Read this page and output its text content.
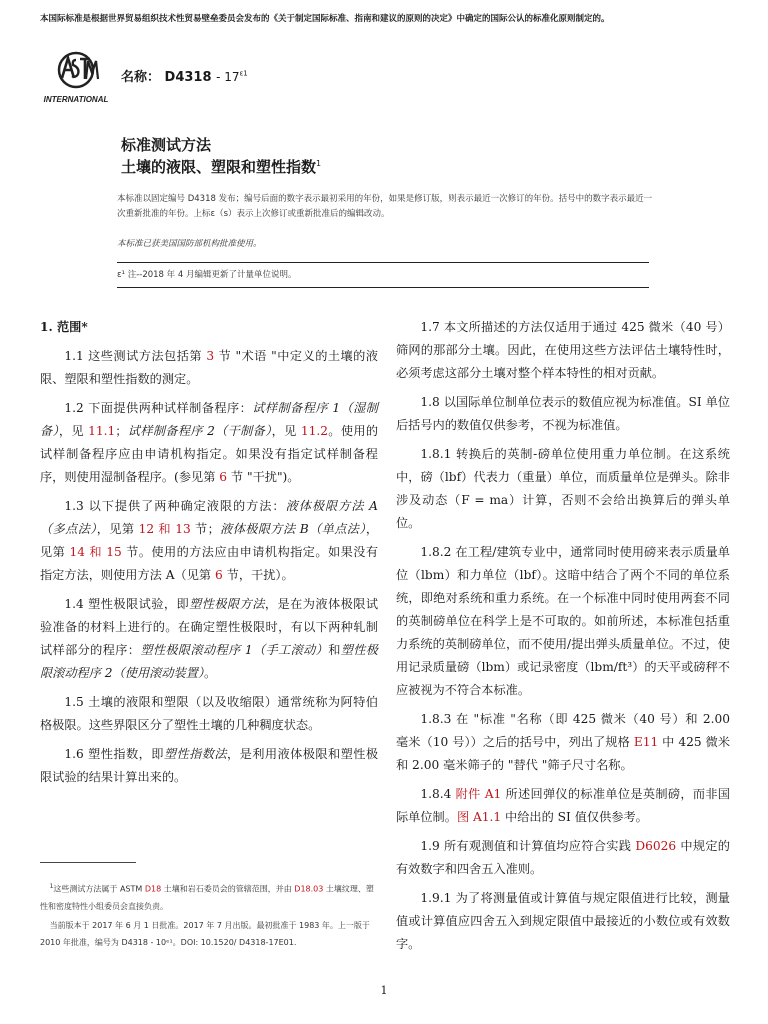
本国际标准是根据世界贸易组织技术性贸易壁垒委员会发布的《关于制定国际标准、指南和建议的原则的决定》中确定的国际公认的标准化原则制定的。
INTERNATIONAL
名称： $D4318 - 17^{\varepsilon 1}$
标准测试方法
土壤的液限、塑限和塑性指数$^1$
本标准以固定编号 D4318 发布；编号后面的数字表示最初采用的年份，如果是修订版，则表示最近一次修订的年份。括号中的数字表示最近一次重新批准的年份。上标ε（s）表示上次修订或重新批准后的编辑改动。
本标准已获美国国防部机构批准使用。
ε¹ 注--2018 年 4 月编辑更新了计量单位说明。

1. 范围*

1.1 这些测试方法包括第 3 节 "术语 "中定义的土壤的液限、塑限和塑性指数的测定。

1.2 下面提供两种试样制备程序：试样制备程序 1（湿制备），见 11.1；试样制备程序 2（干制备），见 11.2。使用的试样制备程序应由申请机构指定。如果没有指定试样制备程序，则使用湿制备程序。(参见第 6 节 "干扰")。

1.3 以下提供了两种确定液限的方法：液体极限方法 A（多点法），见第 12 和 13 节；液体极限方法 B（单点法），见第 14 和 15 节。使用的方法应由申请机构指定。如果没有指定方法，则使用方法 A（见第 6 节，干扰）。

1.4 塑性极限试验，即塑性极限方法，是在为液体极限试验准备的材料上进行的。在确定塑性极限时，有以下两种轧制试样部分的程序：塑性极限滚动程序 1（手工滚动）和塑性极限滚动程序 2（使用滚动装置）。

1.5 土壤的液限和塑限（以及收缩限）通常统称为阿特伯格极限。这些界限区分了塑性土壤的几种稠度状态。

1.6 塑性指数，即塑性指数法，是利用液体极限和塑性极限试验的结果计算出来的。

1.7 本文所描述的方法仅适用于通过 425 微米（40 号）筛网的那部分土壤。因此，在使用这些方法评估土壤特性时，必须考虑这部分土壤对整个样本特性的相对贡献。

1.8 以国际单位制单位表示的数值应视为标准值。SI 单位后括号内的数值仅供参考，不视为标准值。

1.8.1 转换后的英制-磅单位使用重力单位制。在这系统中，磅（lbf）代表力（重量）单位，而质量单位是弹头。除非涉及动态（F = ma）计算，否则不会给出换算后的弹头单位。

1.8.2 在工程/建筑专业中，通常同时使用磅来表示质量单位（lbm）和力单位（lbf）。这暗中结合了两个不同的单位系统，即绝对系统和重力系统。在一个标准中同时使用两套不同的英制磅单位在科学上是不可取的。如前所述，本标准包括重力系统的英制磅单位，而不使用/提出弹头质量单位。不过，使用记录质量磅（lbm）或记录密度（lbm/ft³）的天平或磅秤不应被视为不符合本标准。

1.8.3 在 "标准 "名称（即 425 微米（40 号）和 2.00 毫米（10 号））之后的括号中，列出了规格 E11 中 425 微米和 2.00 毫米筛子的 "替代 "筛子尺寸名称。

1.8.4 附件 A1 所述回弹仪的标准单位是英制磅，而非国际单位制。图 A1.1 中给出的 SI 值仅供参考。

1.9 所有观测值和计算值均应符合实践 D6026 中规定的有效数字和四舍五入准则。

1.9.1 为了将测量值或计算值与规定限值进行比较，测量值或计算值应四舍五入到规定限值中最接近的小数位或有效数字。

$^1$这些测试方法属于 ASTM D18 土壤和岩石委员会的管辖范围，并由 D18.03 土壤纹理、塑性和密度特性小组委员会直接负责。

当前版本于 2017 年 6 月 1 日批准。2017 年 7 月出版。最初批准于 1983 年。上一版于 2010 年批准，编号为 D4318 - 10ᵉ¹。DOI: 10.1520/ D4318-17E01.

1
